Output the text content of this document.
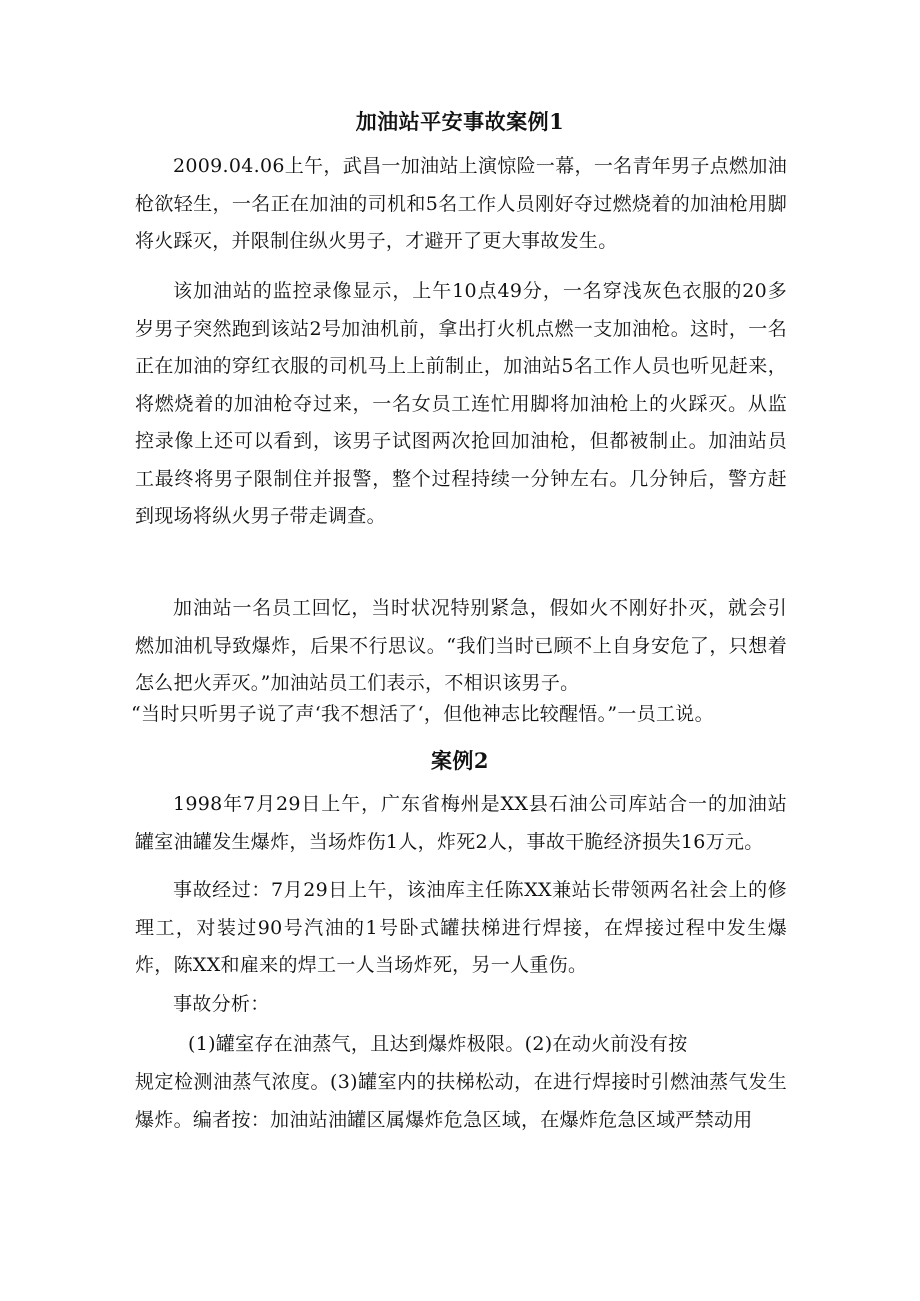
加油站平安事故案例1

2009.04.06上午，武昌一加油站上演惊险一幕，一名青年男子点燃加油枪欲轻生，一名正在加油的司机和5名工作人员刚好夺过燃烧着的加油枪用脚将火踩灭，并限制住纵火男子，才避开了更大事故发生。

该加油站的监控录像显示，上午10点49分，一名穿浅灰色衣服的20多岁男子突然跑到该站2号加油机前，拿出打火机点燃一支加油枪。这时，一名正在加油的穿红衣服的司机马上上前制止，加油站5名工作人员也听见赶来，将燃烧着的加油枪夺过来，一名女员工连忙用脚将加油枪上的火踩灭。从监控录像上还可以看到，该男子试图两次抢回加油枪，但都被制止。加油站员工最终将男子限制住并报警，整个过程持续一分钟左右。几分钟后，警方赶到现场将纵火男子带走调查。

加油站一名员工回忆，当时状况特别紧急，假如火不刚好扑灭，就会引燃加油机导致爆炸，后果不行思议。“我们当时已顾不上自身安危了，只想着怎么把火弄灭。”加油站员工们表示，不相识该男子。

“当时只听男子说了声‘我不想活了‘，但他神志比较醒悟。”一员工说。

案例2

1998年7月29日上午，广东省梅州是XX县石油公司库站合一的加油站罐室油罐发生爆炸，当场炸伤1人，炸死2人，事故干脆经济损失16万元。

事故经过：7月29日上午，该油库主任陈XX兼站长带领两名社会上的修理工，对装过90号汽油的1号卧式罐扶梯进行焊接，在焊接过程中发生爆炸，陈XX和雇来的焊工一人当场炸死，另一人重伤。

事故分析：

(1)罐室存在油蒸气，且达到爆炸极限。(2)在动火前没有按

规定检测油蒸气浓度。(3)罐室内的扶梯松动，在进行焊接时引燃油蒸气发生爆炸。编者按：加油站油罐区属爆炸危急区域，在爆炸危急区域严禁动用
